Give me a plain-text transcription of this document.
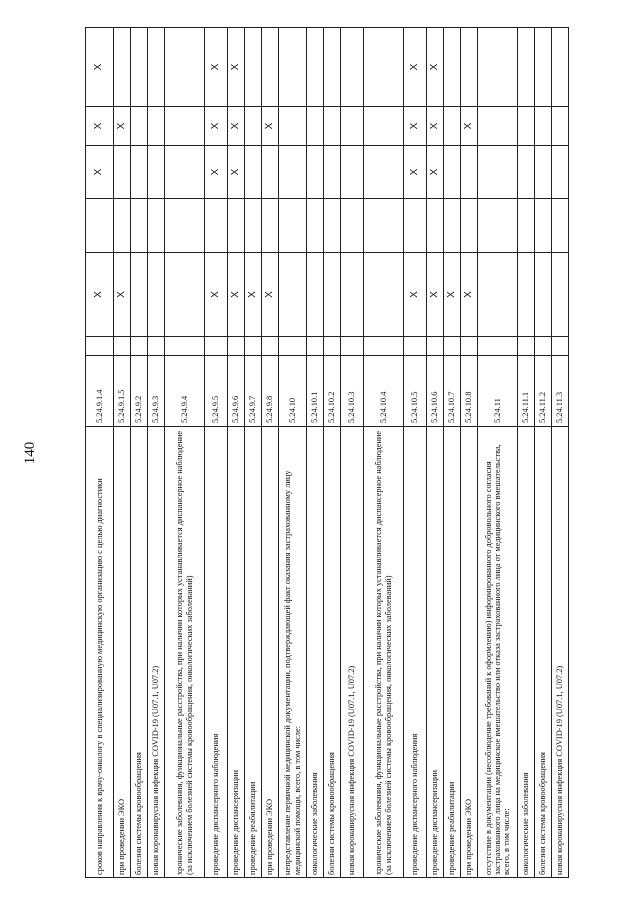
140
сроков направления к врачу-онкологу в специализированную медицинскую организацию с целью диагностики	5.24.9.1.4		X		X	X	X	
при проведении ЭКО	5.24.9.1.5		X			X		
болезни системы кровообращения	5.24.9.2							
новая коронавирусная инфекция COVID-19 (U07.1, U07.2)	5.24.9.3							
хронические заболевания, функциональные расстройства, при наличии которых устанавливается диспансерное наблюдение (за исключением болезней системы кровообращения, онкологических заболеваний)	5.24.9.4							
проведение диспансерного наблюдения	5.24.9.5		X		X	X	X	
проведение диспансеризации	5.24.9.6		X		X	X	X	
проведение реабилитации	5.24.9.7		X					
при проведении ЭКО	5.24.9.8		X			X		
непредставление первичной медицинской документации, подтверждающей факт оказания застрахованному лицу медицинской помощи, всего, в том числе:	5.24.10							
онкологические заболевания	5.24.10.1							
болезни системы кровообращения	5.24.10.2							
новая коронавирусная инфекция COVID-19 (U07.1, U07.2)	5.24.10.3							
хронические заболевания, функциональные расстройства, при наличии которых устанавливается диспансерное наблюдение (за исключением болезней системы кровообращения, онкологических заболеваний)	5.24.10.4							
проведение диспансерного наблюдения	5.24.10.5		X		X	X	X	
проведение диспансеризации	5.24.10.6		X		X	X	X	
проведение реабилитации	5.24.10.7		X					
при проведении ЭКО	5.24.10.8		X			X		
отсутствие в документации (несоблюдение требований к оформлению) информированного добровольного согласия застрахованного лица на медицинское вмешательство или отказа застрахованного лица от медицинского вмешательства, всего, в том числе:	5.24.11							
онкологические заболевания	5.24.11.1							
болезни системы кровообращения	5.24.11.2							
новая коронавирусная инфекция COVID-19 (U07.1, U07.2)	5.24.11.3							
